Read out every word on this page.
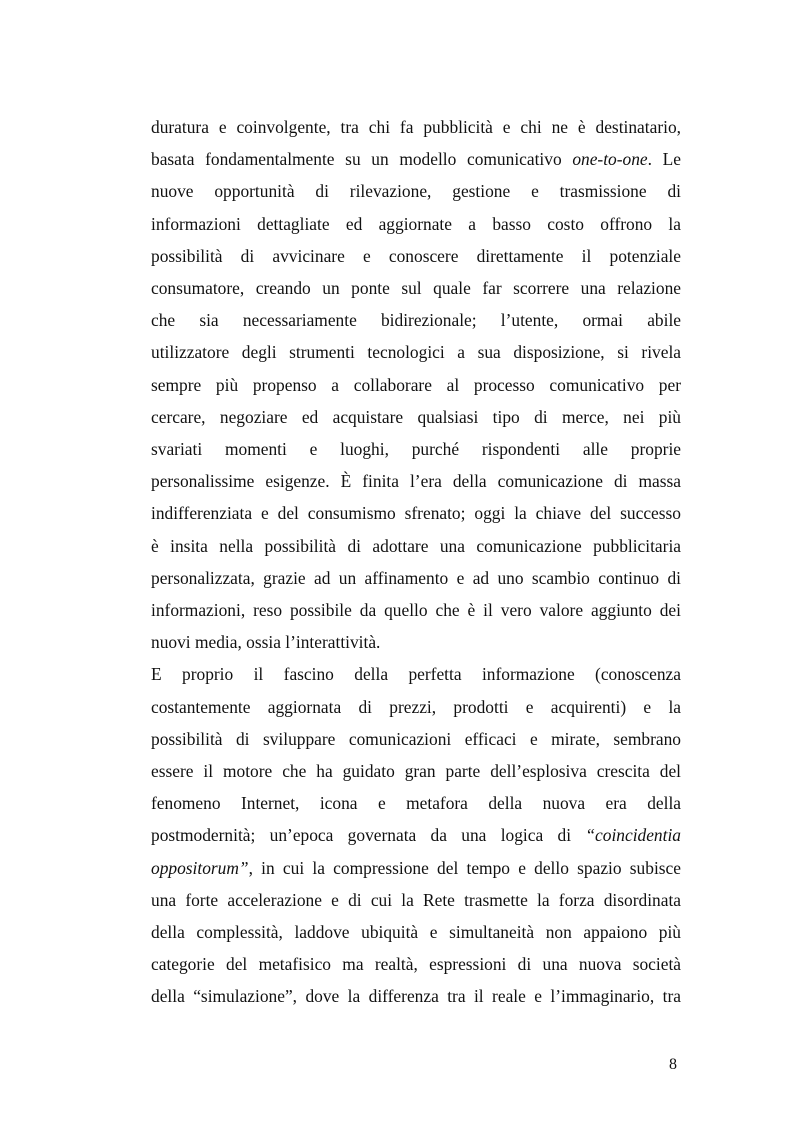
duratura e coinvolgente, tra chi fa pubblicità e chi ne è destinatario,
basata fondamentalmente su un modello comunicativo one-to-one. Le
nuove opportunità di rilevazione, gestione e trasmissione di
informazioni dettagliate ed aggiornate a basso costo offrono la
possibilità di avvicinare e conoscere direttamente il potenziale
consumatore, creando un ponte sul quale far scorrere una relazione
che sia necessariamente bidirezionale; l’utente, ormai abile
utilizzatore degli strumenti tecnologici a sua disposizione, si rivela
sempre più propenso a collaborare al processo comunicativo per
cercare, negoziare ed acquistare qualsiasi tipo di merce, nei più
svariati momenti e luoghi, purché rispondenti alle proprie
personalissime esigenze. È finita l’era della comunicazione di massa
indifferenziata e del consumismo sfrenato; oggi la chiave del successo
è insita nella possibilità di adottare una comunicazione pubblicitaria
personalizzata, grazie ad un affinamento e ad uno scambio continuo di
informazioni, reso possibile da quello che è il vero valore aggiunto dei
nuovi media, ossia l’interattività.
E proprio il fascino della perfetta informazione (conoscenza
costantemente aggiornata di prezzi, prodotti e acquirenti) e la
possibilità di sviluppare comunicazioni efficaci e mirate, sembrano
essere il motore che ha guidato gran parte dell’esplosiva crescita del
fenomeno Internet, icona e metafora della nuova era della
postmodernità; un’epoca governata da una logica di “coincidentia
oppositorum”, in cui la compressione del tempo e dello spazio subisce
una forte accelerazione e di cui la Rete trasmette la forza disordinata
della complessità, laddove ubiquità e simultaneità non appaiono più
categorie del metafisico ma realtà, espressioni di una nuova società
della “simulazione”, dove la differenza tra il reale e l’immaginario, tra
8
